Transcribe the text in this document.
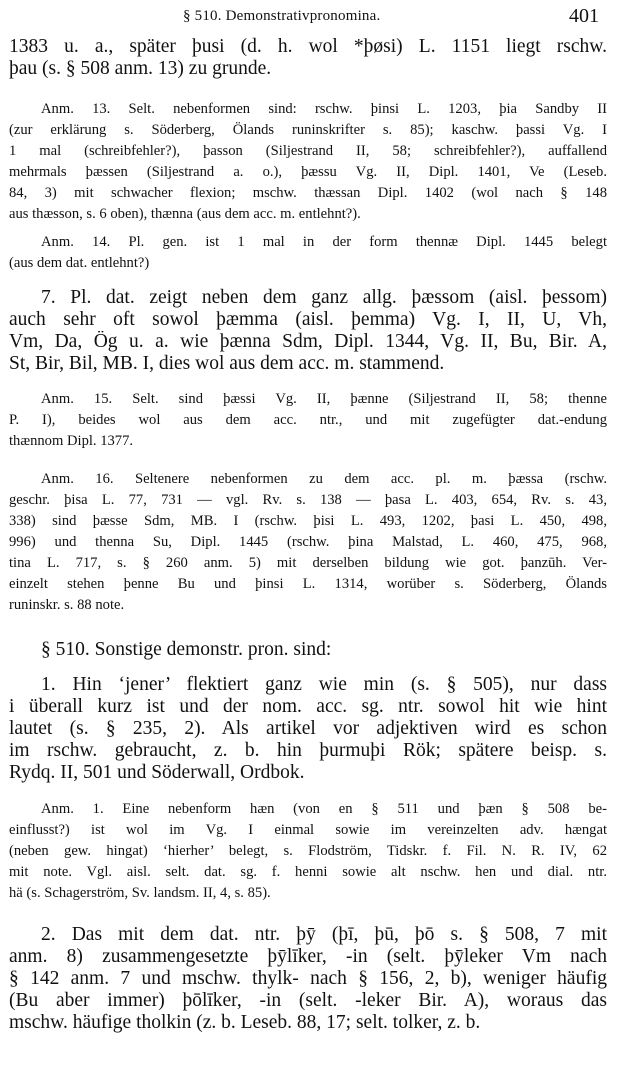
§ 510. Demonstrativpronomina.	401
1383 u. a., später þusi (d. h. wol *þøsi) L. 1151 liegt rschw.
þau (s. § 508 anm. 13) zu grunde.
Anm. 13. Selt. nebenformen sind: rschw. þinsi L. 1203, þia Sandby II
(zur erklärung s. Söderberg, Ölands runinskrifter s. 85); kaschw. þassi Vg. I
1 mal (schreibfehler?), þasson (Siljestrand II, 58; schreibfehler?), auffallend
mehrmals þæssen (Siljestrand a. o.), þæssu Vg. II, Dipl. 1401, Ve (Leseb.
84, 3) mit schwacher flexion; mschw. thæssan Dipl. 1402 (wol nach § 148
aus thæsson, s. 6 oben), thænna (aus dem acc. m. entlehnt?).
Anm. 14. Pl. gen. ist 1 mal in der form thennæ Dipl. 1445 belegt
(aus dem dat. entlehnt?)
7. Pl. dat. zeigt neben dem ganz allg. þæssom (aisl. þessom)
auch sehr oft sowol þæmma (aisl. þemma) Vg. I, II, U, Vh,
Vm, Da, Ög u. a. wie þænna Sdm, Dipl. 1344, Vg. II, Bu, Bir. A,
St, Bir, Bil, MB. I, dies wol aus dem acc. m. stammend.
Anm. 15. Selt. sind þæssi Vg. II, þænne (Siljestrand II, 58; thenne
P. I), beides wol aus dem acc. ntr., und mit zugefügter dat.-endung
thænnom Dipl. 1377.
Anm. 16. Seltenere nebenformen zu dem acc. pl. m. þæssa (rschw.
geschr. þisa L. 77, 731 — vgl. Rv. s. 138 — þasa L. 403, 654, Rv. s. 43,
338) sind þæsse Sdm, MB. I (rschw. þisi L. 493, 1202, þasi L. 450, 498,
996) und thenna Su, Dipl. 1445 (rschw. þina Malstad, L. 460, 475, 968,
tina L. 717, s. § 260 anm. 5) mit derselben bildung wie got. þanzūh. Ver-
einzelt stehen þenne Bu und þinsi L. 1314, worüber s. Söderberg, Ölands
runinskr. s. 88 note.
§ 510. Sonstige demonstr. pron. sind:
1. Hin ‘jener’ flektiert ganz wie min (s. § 505), nur dass
i überall kurz ist und der nom. acc. sg. ntr. sowol hit wie hint
lautet (s. § 235, 2). Als artikel vor adjektiven wird es schon
im rschw. gebraucht, z. b. hin þurmuþi Rök; spätere beisp. s.
Rydq. II, 501 und Söderwall, Ordbok.
Anm. 1. Eine nebenform hæn (von en § 511 und þæn § 508 be-
einflusst?) ist wol im Vg. I einmal sowie im vereinzelten adv. hængat
(neben gew. hingat) ‘hierher’ belegt, s. Flodström, Tidskr. f. Fil. N. R. IV, 62
mit note. Vgl. aisl. selt. dat. sg. f. henni sowie alt nschw. hen und dial. ntr.
hä (s. Schagerström, Sv. landsm. II, 4, s. 85).
2. Das mit dem dat. ntr. þȳ (þī, þū, þō s. § 508, 7 mit
anm. 8) zusammengesetzte þȳlīker, -in (selt. þȳleker Vm nach
§ 142 anm. 7 und mschw. thylk- nach § 156, 2, b), weniger häufig
(Bu aber immer) þōlīker, -in (selt. -leker Bir. A), woraus das
mschw. häufige tholkin (z. b. Leseb. 88, 17; selt. tolker, z. b.
